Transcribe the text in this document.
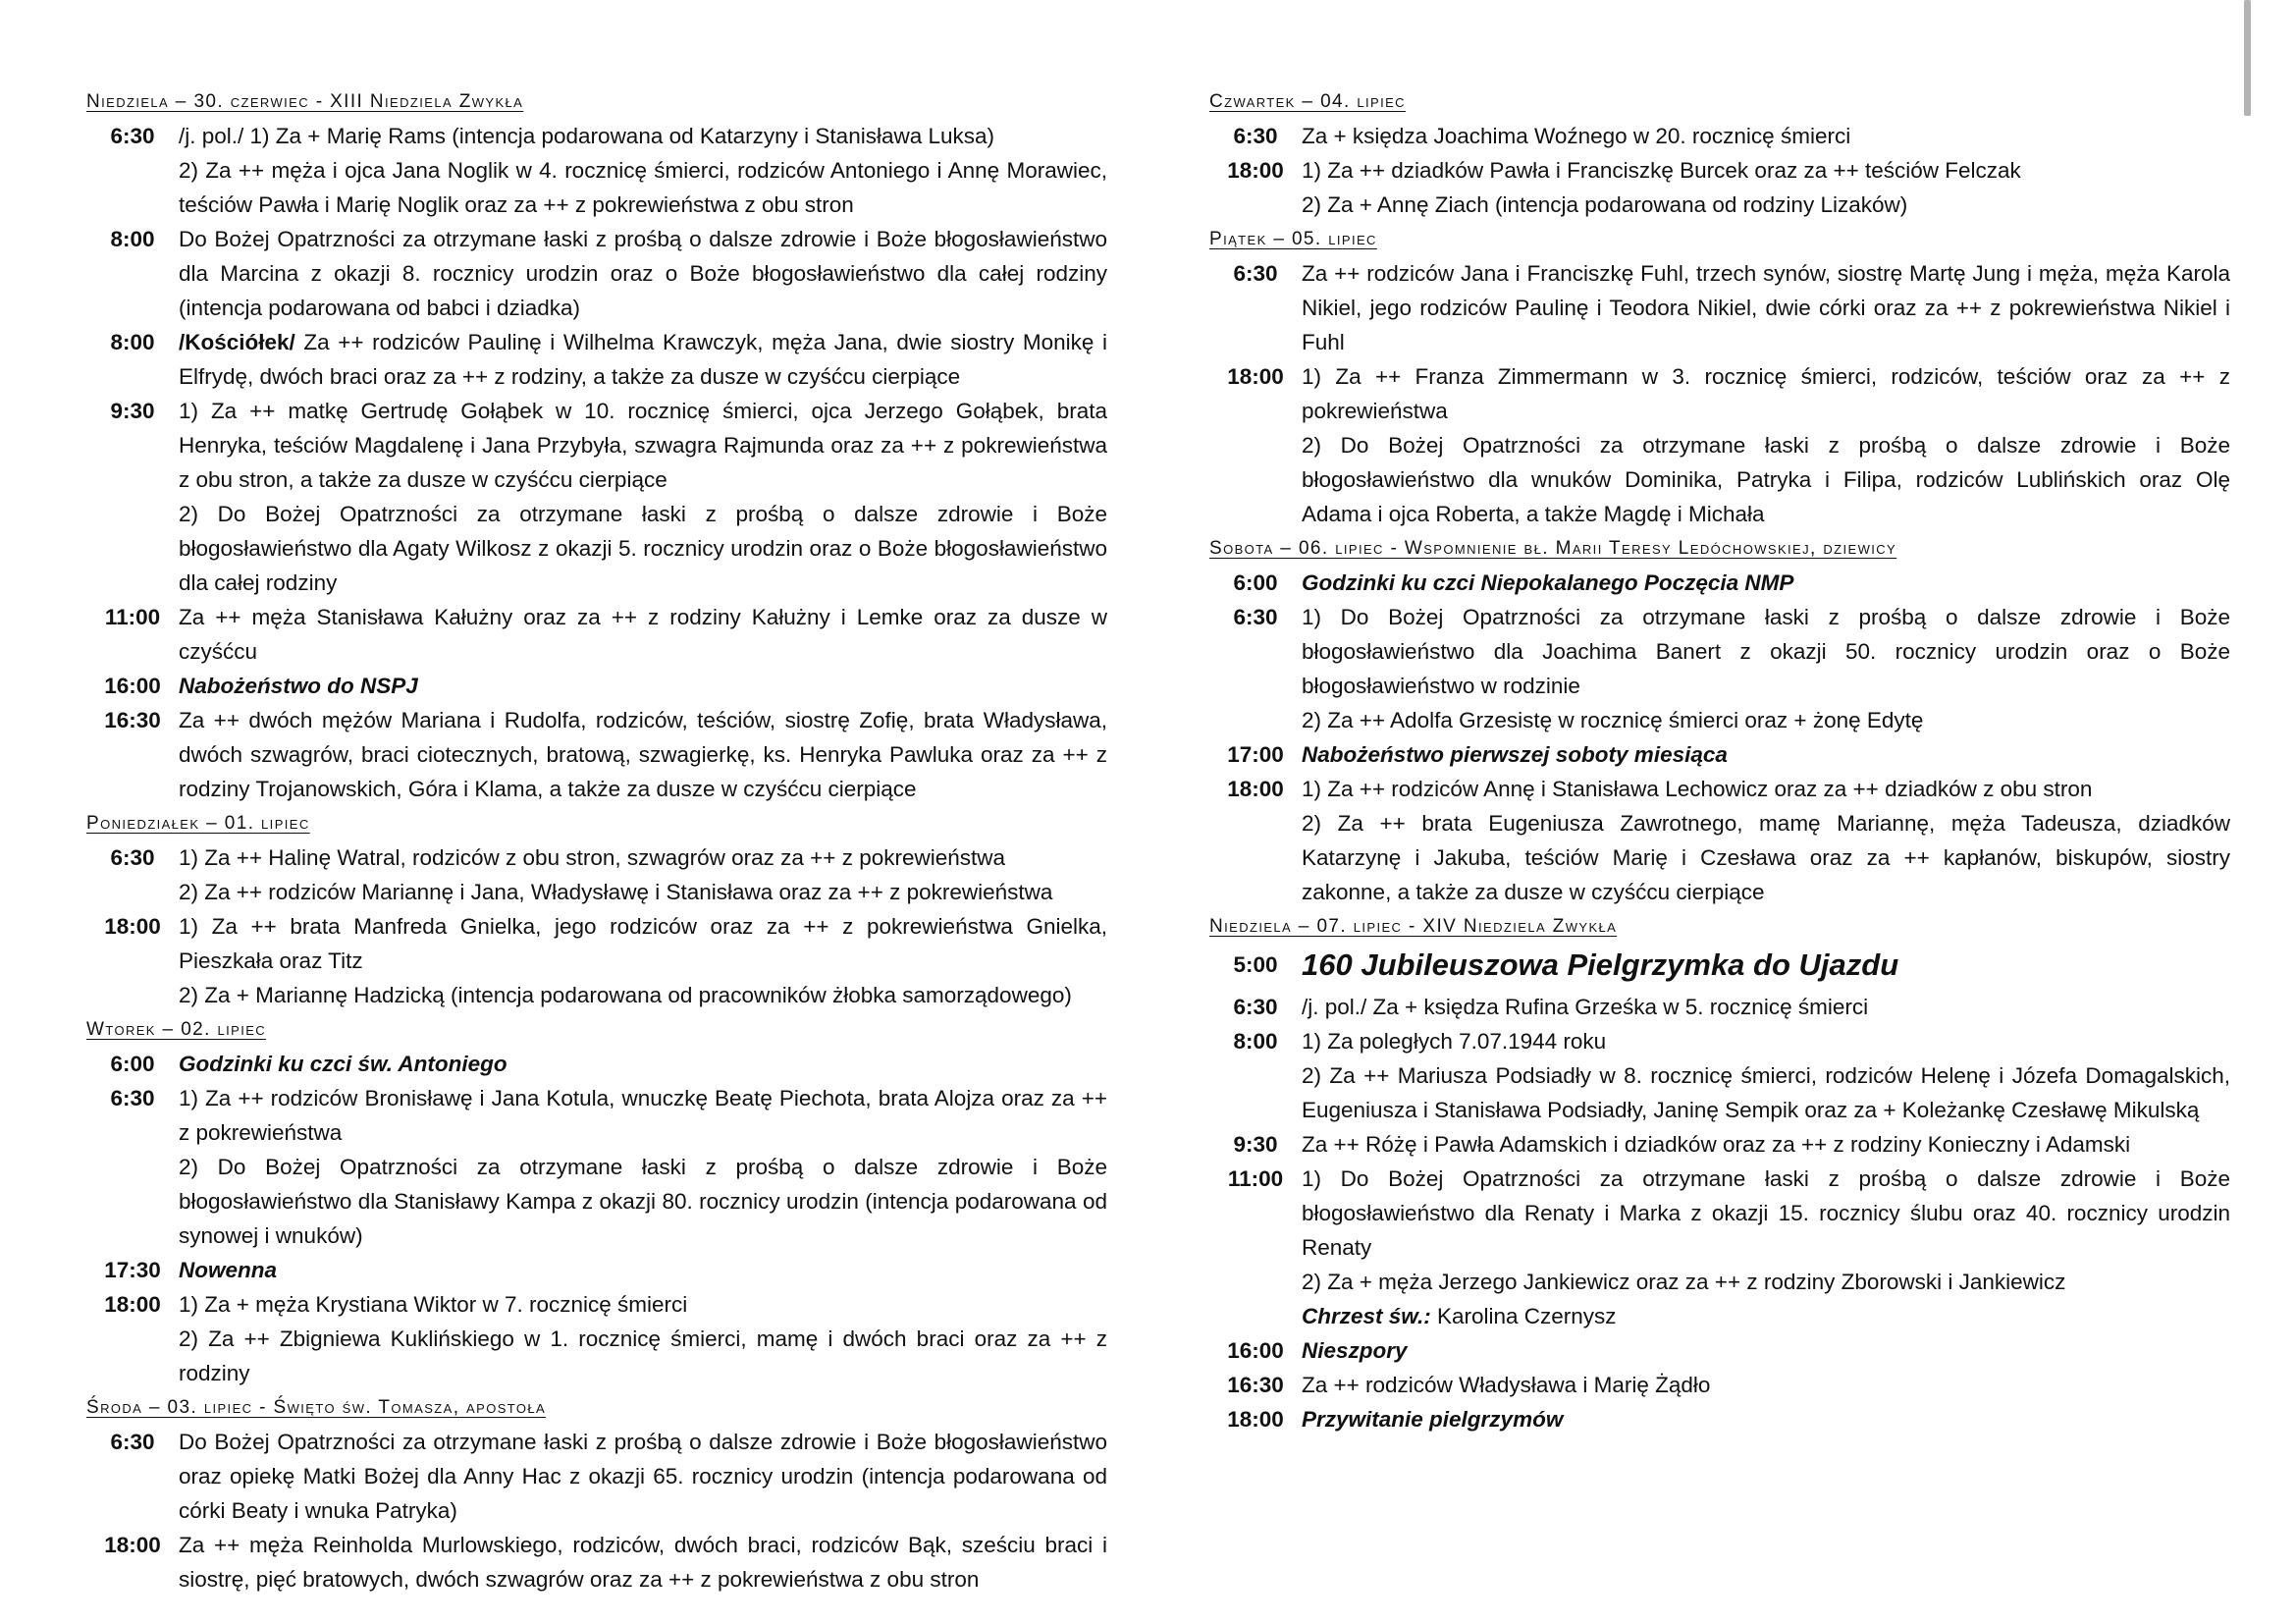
Niedziela – 30. czerwiec - XIII Niedziela Zwykła
6:30	/j. pol./ 1) Za + Marię Rams (intencja podarowana od Katarzyny i Stanisława Luksa)
2) Za ++ męża i ojca Jana Noglik w 4. rocznicę śmierci, rodziców Antoniego i Annę Morawiec, teściów Pawła i Marię Noglik oraz za ++ z pokrewieństwa z obu stron
8:00	Do Bożej Opatrzności za otrzymane łaski z prośbą o dalsze zdrowie i Boże błogosławieństwo dla Marcina z okazji 8. rocznicy urodzin oraz o Boże błogosławieństwo dla całej rodziny (intencja podarowana od babci i dziadka)
8:00	/Kościółek/ Za ++ rodziców Paulinę i Wilhelma Krawczyk, męża Jana, dwie siostry Monikę i Elfrydę, dwóch braci oraz za ++ z rodziny, a także za dusze w czyśćcu cierpiące
9:30	1) Za ++ matkę Gertrudę Gołąbek w 10. rocznicę śmierci, ojca Jerzego Gołąbek, brata Henryka, teściów Magdalenę i Jana Przybyła, szwagra Rajmunda oraz za ++ z pokrewieństwa z obu stron, a także za dusze w czyśćcu cierpiące
2) Do Bożej Opatrzności za otrzymane łaski z prośbą o dalsze zdrowie i Boże błogosławieństwo dla Agaty Wilkosz z okazji 5. rocznicy urodzin oraz o Boże błogosławieństwo dla całej rodziny
11:00 Za ++ męża Stanisława Kałużny oraz za ++ z rodziny Kałużny i Lemke oraz za dusze w czyśćcu
16:00 Nabożeństwo do NSPJ
16:30 Za ++ dwóch mężów Mariana i Rudolfa, rodziców, teściów, siostrę Zofię, brata Władysława, dwóch szwagrów, braci ciotecznych, bratową, szwagierkę, ks. Henryka Pawluka oraz za ++ z rodziny Trojanowskich, Góra i Klama, a także za dusze w czyśćcu cierpiące
Poniedziałek – 01. lipiec
6:30	1) Za ++ Halinę Watral, rodziców z obu stron, szwagrów oraz za ++ z pokrewieństwa
2) Za ++ rodziców Mariannę i Jana, Władysławę i Stanisława oraz za ++ z pokrewieństwa
18:00 1) Za ++ brata Manfreda Gnielka, jego rodziców oraz za ++ z pokrewieństwa Gnielka, Pieszkała oraz Titz
2) Za + Mariannę Hadzicką (intencja podarowana od pracowników żłobka samorządowego)
Wtorek – 02. lipiec
6:00	Godzinki ku czci św. Antoniego
6:30	1) Za ++ rodziców Bronisławę i Jana Kotula, wnuczkę Beatę Piechota, brata Alojza oraz za ++ z pokrewieństwa
2) Do Bożej Opatrzności za otrzymane łaski z prośbą o dalsze zdrowie i Boże błogosławieństwo dla Stanisławy Kampa z okazji 80. rocznicy urodzin (intencja podarowana od synowej i wnuków)
17:30 Nowenna
18:00 1) Za + męża Krystiana Wiktor w 7. rocznicę śmierci
2) Za ++ Zbigniewa Kuklińskiego w 1. rocznicę śmierci, mamę i dwóch braci oraz za ++ z rodziny
Środa – 03. lipiec - Święto św. Tomasza, apostoła
6:30	Do Bożej Opatrzności za otrzymane łaski z prośbą o dalsze zdrowie i Boże błogosławieństwo oraz opiekę Matki Bożej dla Anny Hac z okazji 65. rocznicy urodzin (intencja podarowana od córki Beaty i wnuka Patryka)
18:00 Za ++ męża Reinholda Murlowskiego, rodziców, dwóch braci, rodziców Bąk, sześciu braci i siostrę, pięć bratowych, dwóch szwagrów oraz za ++ z pokrewieństwa z obu stron
Czwartek – 04. lipiec
6:30	Za + księdza Joachima Woźnego w 20. rocznicę śmierci
18:00 1) Za ++ dziadków Pawła i Franciszkę Burcek oraz za ++ teściów Felczak
2) Za + Annę Ziach (intencja podarowana od rodziny Lizaków)
Piątek – 05. lipiec
6:30	Za ++ rodziców Jana i Franciszkę Fuhl, trzech synów, siostrę Martę Jung i męża, męża Karola Nikiel, jego rodziców Paulinę i Teodora Nikiel, dwie córki oraz za ++ z pokrewieństwa Nikiel i Fuhl
18:00 1) Za ++ Franza Zimmermann w 3. rocznicę śmierci, rodziców, teściów oraz za ++ z pokrewieństwa
2) Do Bożej Opatrzności za otrzymane łaski z prośbą o dalsze zdrowie i Boże błogosławieństwo dla wnuków Dominika, Patryka i Filipa, rodziców Lublińskich oraz Olę Adama i ojca Roberta, a także Magdę i Michała
Sobota – 06. lipiec - Wspomnienie bł. Marii Teresy Ledóchowskiej, dziewicy
6:00	Godzinki ku czci Niepokalanego Poczęcia NMP
6:30	1) Do Bożej Opatrzności za otrzymane łaski z prośbą o dalsze zdrowie i Boże błogosławieństwo dla Joachima Banert z okazji 50. rocznicy urodzin oraz o Boże błogosławieństwo w rodzinie
2) Za ++ Adolfa Grzesistę w rocznicę śmierci oraz + żonę Edytę
17:00 Nabożeństwo pierwszej soboty miesiąca
18:00 1) Za ++ rodziców Annę i Stanisława Lechowicz oraz za ++ dziadków z obu stron
2) Za ++ brata Eugeniusza Zawrotnego, mamę Mariannę, męża Tadeusza, dziadków Katarzynę i Jakuba, teściów Marię i Czesława oraz za ++ kapłanów, biskupów, siostry zakonne, a także za dusze w czyśćcu cierpiące
Niedziela – 07. lipiec - XIV Niedziela Zwykła
5:00 160 Jubileuszowa Pielgrzymka do Ujazdu
6:30	/j. pol./ Za + księdza Rufina Grześka w 5. rocznicę śmierci
8:00	1) Za poległych 7.07.1944 roku
2) Za ++ Mariusza Podsiadły w 8. rocznicę śmierci, rodziców Helenę i Józefa Domagalskich, Eugeniusza i Stanisława Podsiadły, Janinę Sempik oraz za + Koleżankę Czesławę Mikulską
9:30	Za ++ Różę i Pawła Adamskich i dziadków oraz za ++ z rodziny Konieczny i Adamski
11:00 1) Do Bożej Opatrzności za otrzymane łaski z prośbą o dalsze zdrowie i Boże błogosławieństwo dla Renaty i Marka z okazji 15. rocznicy ślubu oraz 40. rocznicy urodzin Renaty
2) Za + męża Jerzego Jankiewicz oraz za ++ z rodziny Zborowski i Jankiewicz
Chrzest św.: Karolina Czernysz
16:00 Nieszpory
16:30 Za ++ rodziców Władysława i Marię Żądło
18:00 Przywitanie pielgrzymów
